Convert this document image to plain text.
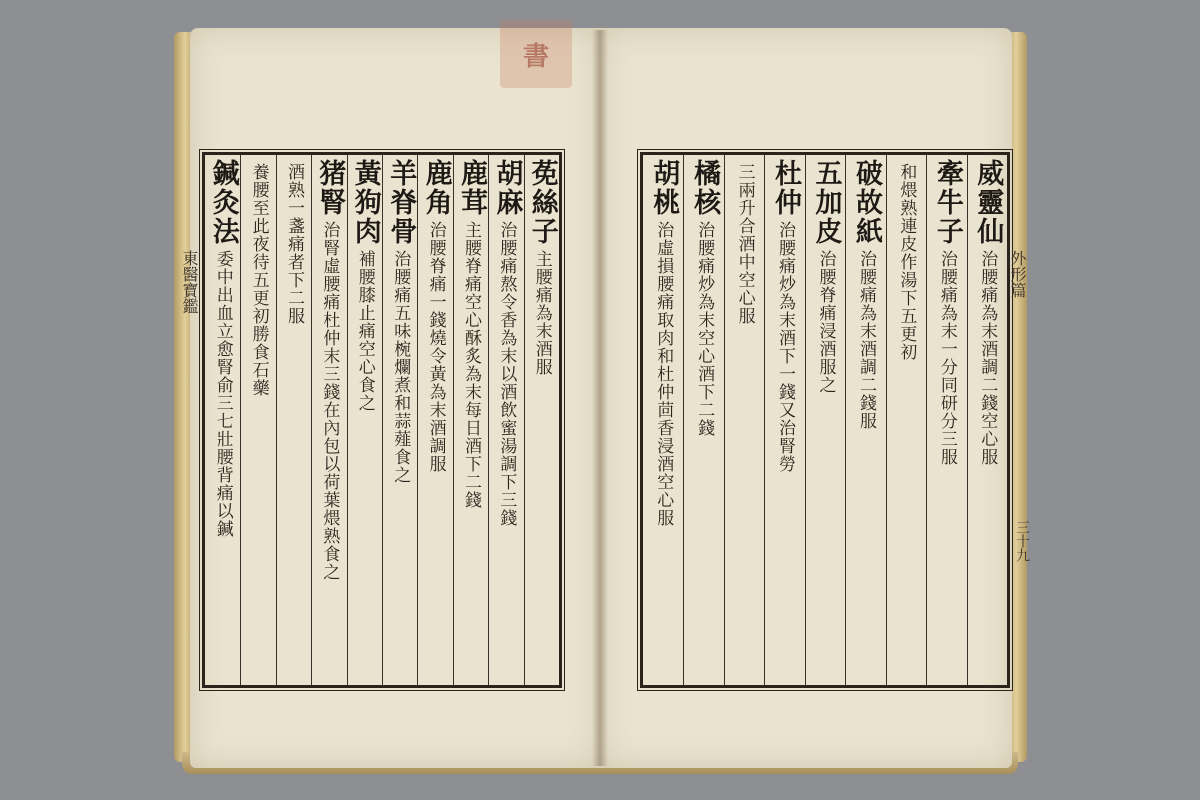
書
東醫寶鑑	外形篇
三十九
莬絲子
主腰痛為末酒服
胡麻
治腰痛熬令香為末以酒飲蜜湯調下三錢
鹿茸
主腰脊痛空心酥炙為末每日酒下二錢
鹿角
治腰脊痛一錢燒令黃為末酒調服
羊脊骨
治腰痛五味椀爛煮和蒜薤食之
黃狗肉
補腰膝止痛空心食之
猪腎
治腎虛腰痛杜仲末三錢在內包以荷葉煨熟食之
酒熟一盞痛者下二服
養腰至此夜待五更初勝食石藥
鍼灸法
委中出血立愈腎俞三七壯腰背痛以鍼
威靈仙
治腰痛為末酒調二錢空心服
牽牛子
治腰痛為末一分同研分三服
和煨熟連皮作湯下五更初
破故紙
治腰痛為末酒調二錢服
五加皮
治腰脊痛浸酒服之
杜仲
治腰痛炒為末酒下一錢又治腎勞
三兩升合酒中空心服
橘核
治腰痛炒為末空心酒下二錢
胡桃
治虛損腰痛取肉和杜仲茴香浸酒空心服
